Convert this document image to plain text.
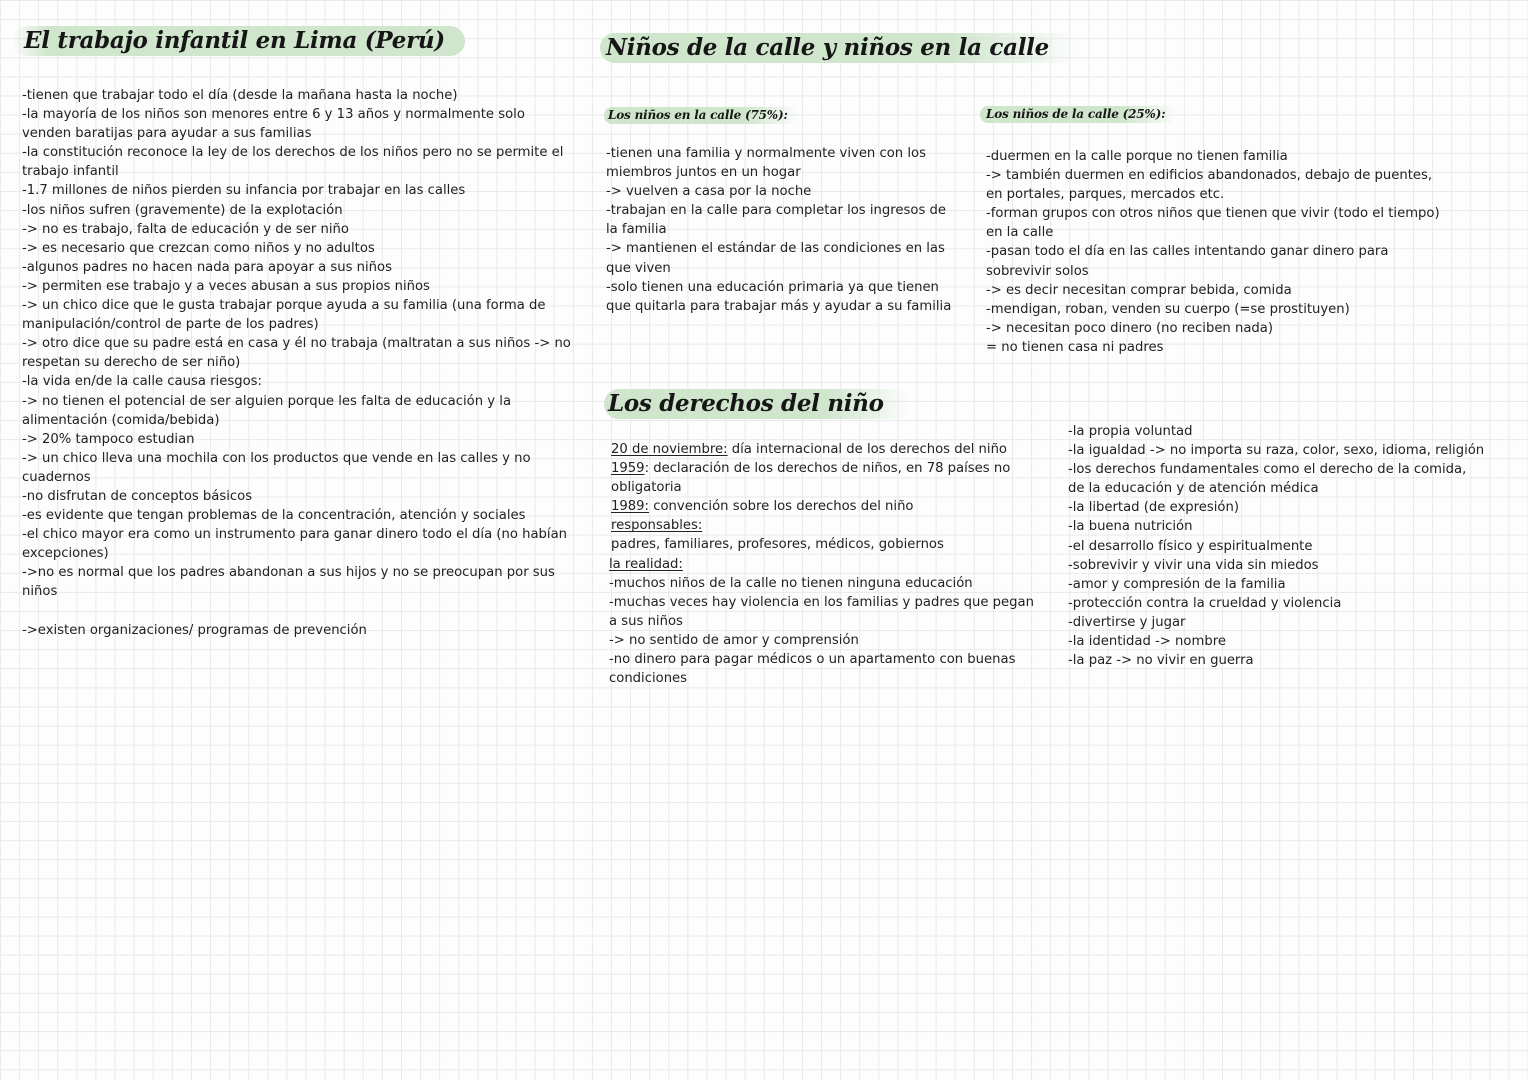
El trabajo infantil en Lima (Perú)
-tienen que trabajar todo el día (desde la mañana hasta la noche)
-la mayoría de los niños son menores entre 6 y 13 años y normalmente solo
venden baratijas para ayudar a sus familias
-la constitución reconoce la ley de los derechos de los niños pero no se permite el
trabajo infantil
-1.7 millones de niños pierden su infancia por trabajar en las calles
-los niños sufren (gravemente) de la explotación
-> no es trabajo, falta de educación y de ser niño
-> es necesario que crezcan como niños y no adultos
-algunos padres no hacen nada para apoyar a sus niños
-> permiten ese trabajo y a veces abusan a sus propios niños
-> un chico dice que le gusta trabajar porque ayuda a su familia (una forma de
manipulación/control de parte de los padres)
-> otro dice que su padre está en casa y él no trabaja (maltratan a sus niños -> no
respetan su derecho de ser niño)
-la vida en/de la calle causa riesgos:
-> no tienen el potencial de ser alguien porque les falta de educación y la
alimentación (comida/bebida)
-> 20% tampoco estudian
-> un chico lleva una mochila con los productos que vende en las calles y no
cuadernos
-no disfrutan de conceptos básicos
-es evidente que tengan problemas de la concentración, atención y sociales
-el chico mayor era como un instrumento para ganar dinero todo el día (no habían
excepciones)
->no es normal que los padres abandonan a sus hijos y no se preocupan por sus
niños
->existen organizaciones/ programas de prevención
Niños de la calle y niños en la calle
Los niños en la calle (75%):
-tienen una familia y normalmente viven con los
miembros juntos en un hogar
-> vuelven a casa por la noche
-trabajan en la calle para completar los ingresos de
la familia
-> mantienen el estándar de las condiciones en las
que viven
-solo tienen una educación primaria ya que tienen
que quitarla para trabajar más y ayudar a su familia
Los niños de la calle (25%):
-duermen en la calle porque no tienen familia
-> también duermen en edificios abandonados, debajo de puentes,
en portales, parques, mercados etc.
-forman grupos con otros niños que tienen que vivir (todo el tiempo)
en la calle
-pasan todo el día en las calles intentando ganar dinero para
sobrevivir solos
-> es decir necesitan comprar bebida, comida
-mendigan, roban, venden su cuerpo (=se prostituyen)
-> necesitan poco dinero (no reciben nada)
= no tienen casa ni padres
Los derechos del niño
20 de noviembre: día internacional de los derechos del niño
1959: declaración de los derechos de niños, en 78 países no
obligatoria
1989: convención sobre los derechos del niño
responsables:
padres, familiares, profesores, médicos, gobiernos
la realidad:
-muchos niños de la calle no tienen ninguna educación
-muchas veces hay violencia en los familias y padres que pegan
a sus niños
-> no sentido de amor y comprensión
-no dinero para pagar médicos o un apartamento con buenas
condiciones
-la propia voluntad
-la igualdad -> no importa su raza, color, sexo, idioma, religión
-los derechos fundamentales como el derecho de la comida,
de la educación y de atención médica
-la libertad (de expresión)
-la buena nutrición
-el desarrollo físico y espiritualmente
-sobrevivir y vivir una vida sin miedos
-amor y compresión de la familia
-protección contra la crueldad y violencia
-divertirse y jugar
-la identidad -> nombre
-la paz -> no vivir en guerra
